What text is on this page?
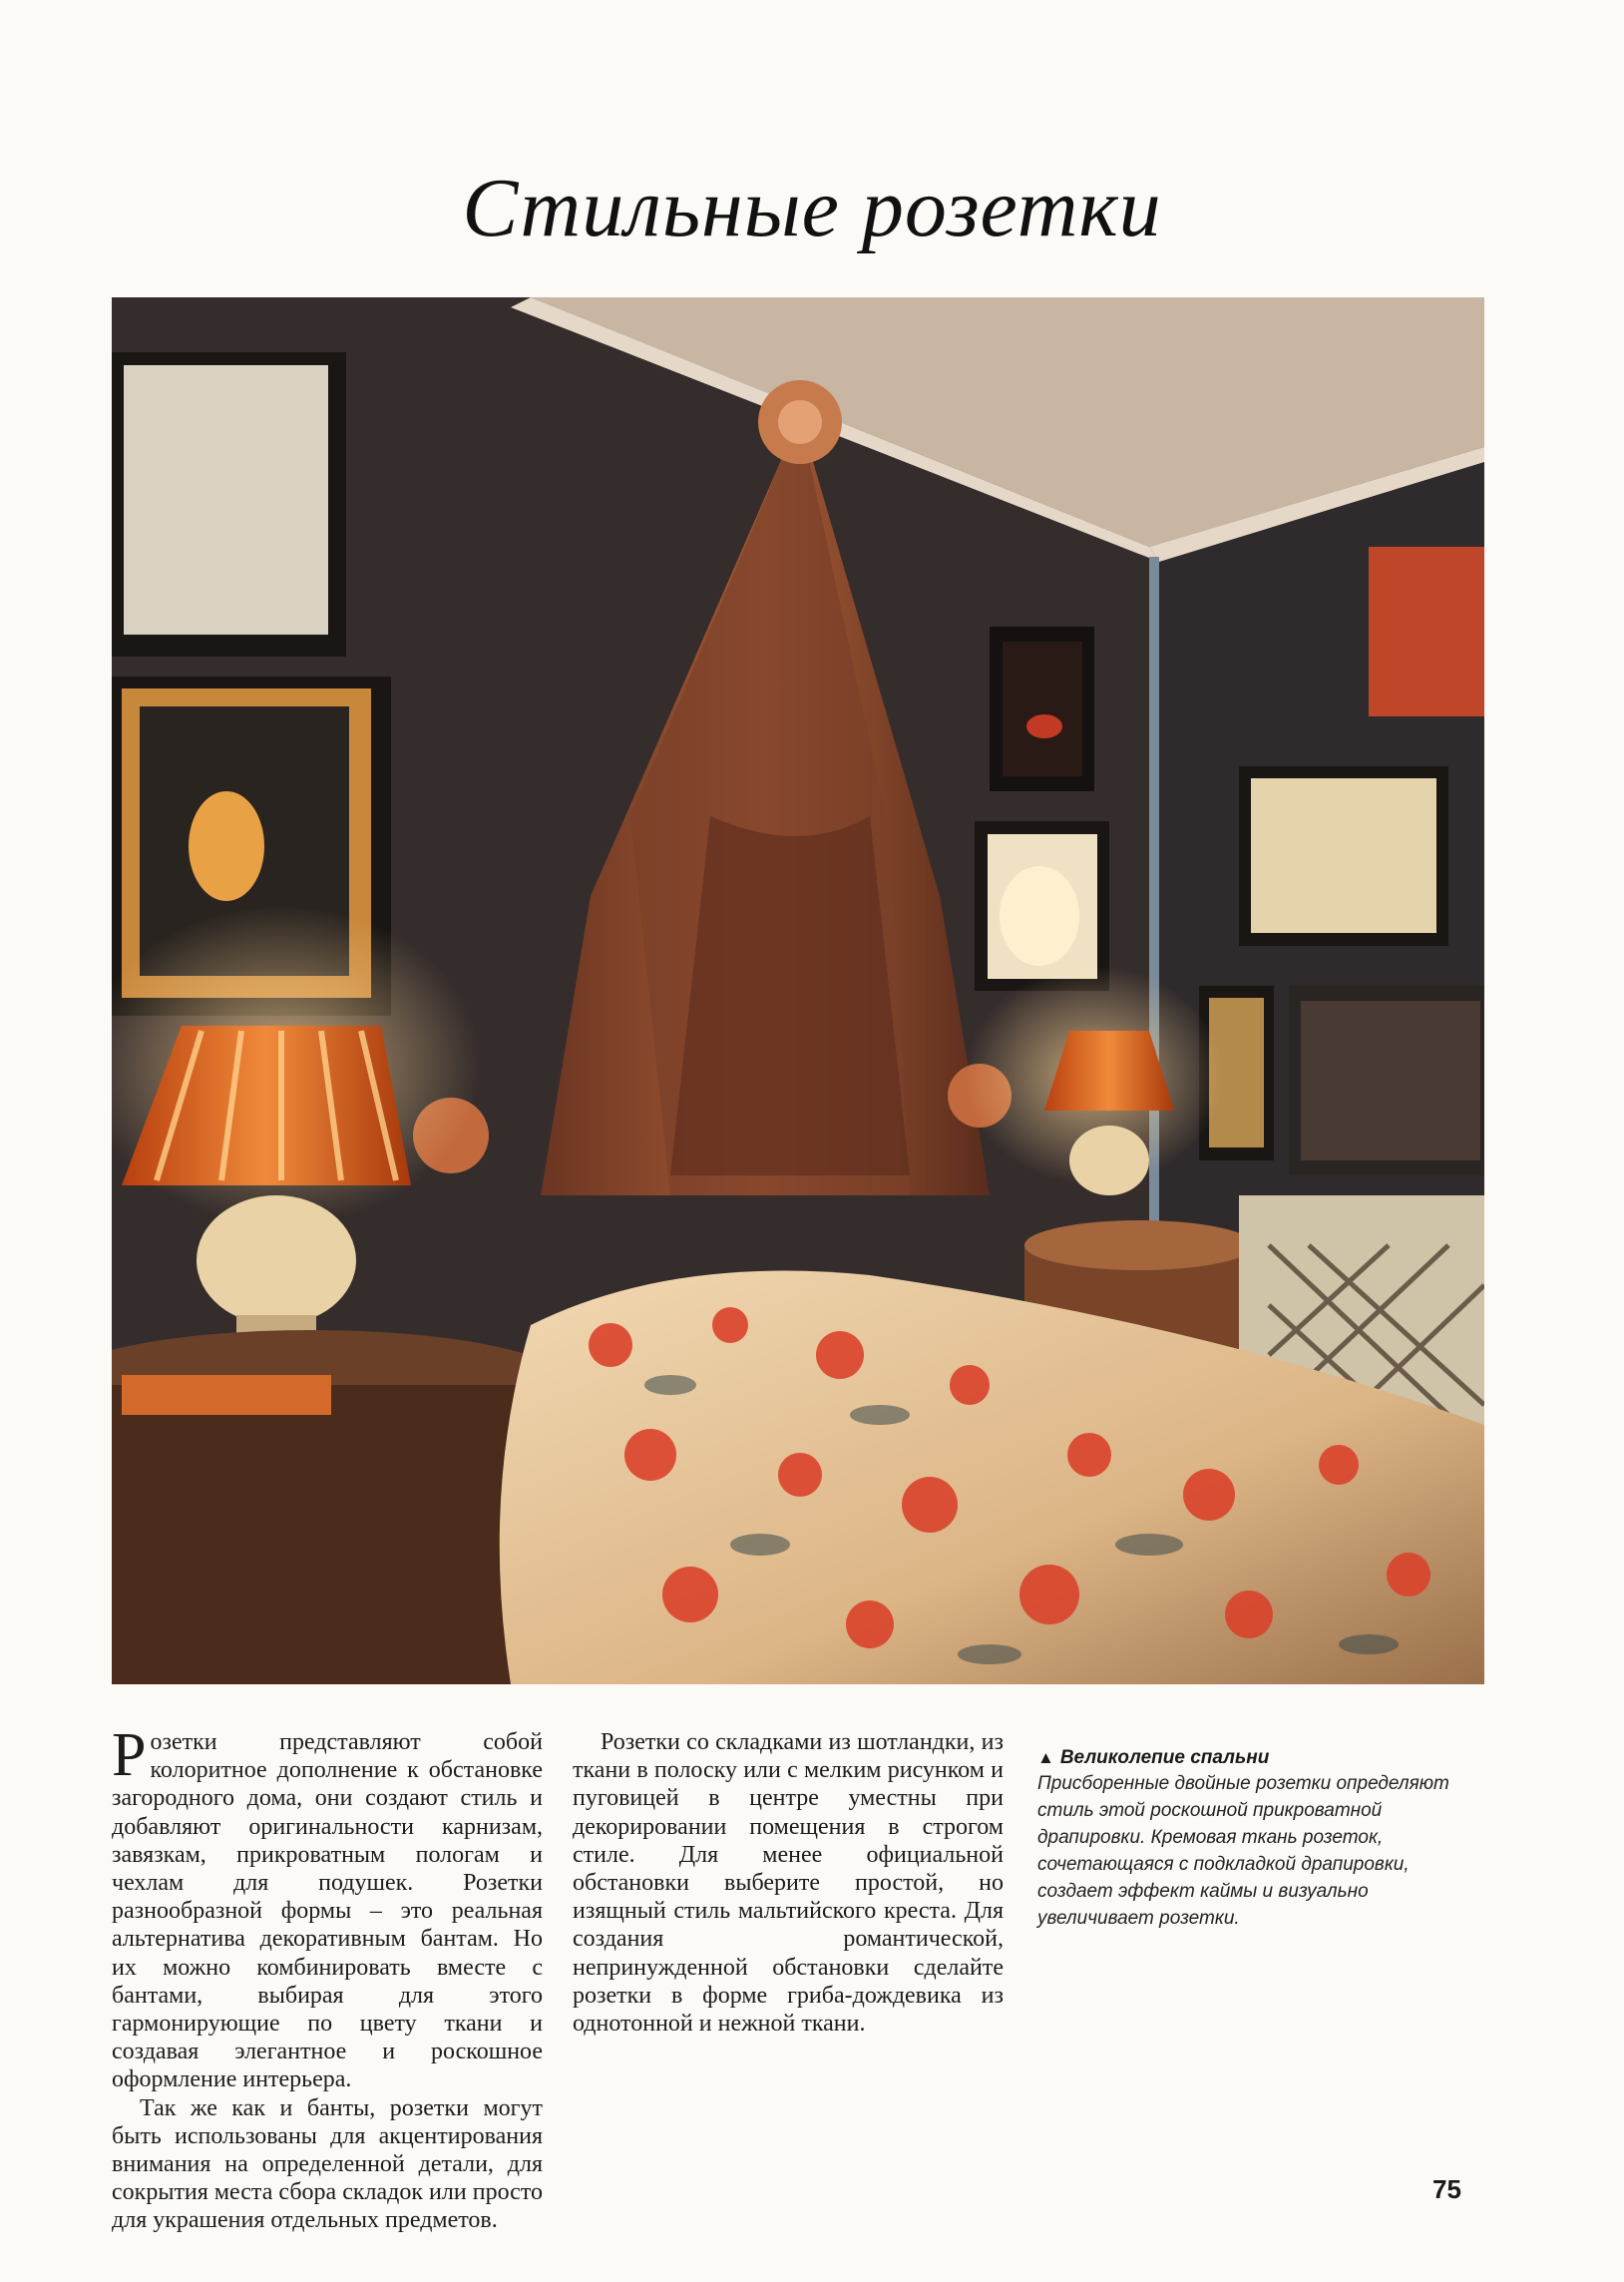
Стильные розетки

Розетки представляют собой колоритное дополнение к обстановке загородного дома, они создают стиль и добавляют оригинальности карнизам, завязкам, прикроватным пологам и чехлам для подушек. Розетки разнообразной формы – это реальная альтернатива декоративным бантам. Но их можно комбинировать вместе с бантами, выбирая для этого гармонирующие по цвету ткани и создавая элегантное и роскошное оформление интерьера.

Так же как и банты, розетки могут быть использованы для акцентирования внимания на определенной детали, для сокрытия места сбора складок или просто для украшения отдельных предметов.

Розетки со складками из шотландки, из ткани в полоску или с мелким рисунком и пуговицей в центре уместны при декорировании помещения в строгом стиле. Для менее официальной обстановки выберите простой, но изящный стиль мальтийского креста. Для создания романтической, непринужденной обстановки сделайте розетки в форме гриба-дождевика из однотонной и нежной ткани.

▲ Великолепие спальни
Присборенные двойные розетки определяют стиль этой роскошной прикроватной драпировки. Кремовая ткань розеток, сочетающаяся с подкладкой драпировки, создает эффект каймы и визуально увеличивает розетки.
75
